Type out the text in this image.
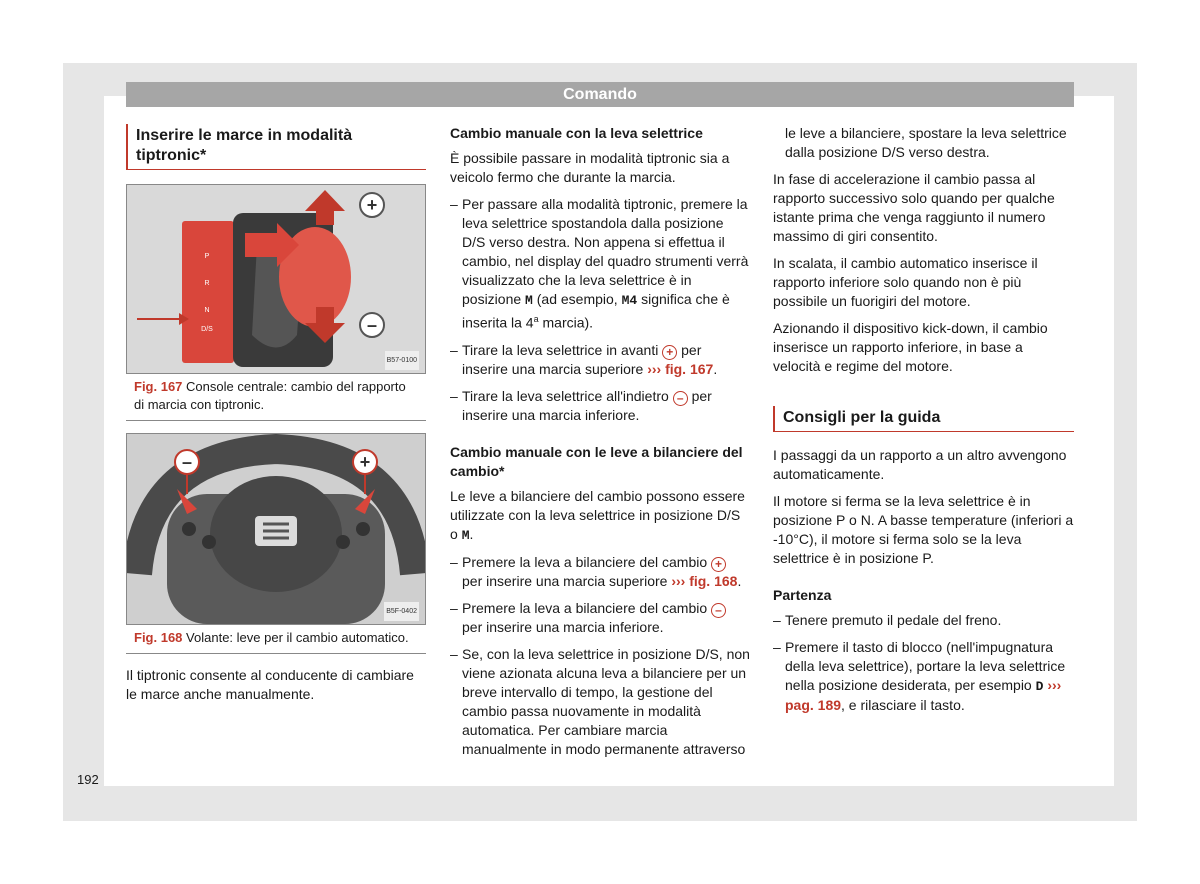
Comando
Inserire le marce in modalità tiptronic*
+
–
P
R
N
D/S
B57-0100
Fig. 167 Console centrale: cambio del rapporto di marcia con tiptronic.
–	+
B5F-0402
Fig. 168 Volante: leve per il cambio automatico.

Il tiptronic consente al conducente di cambiare le marce anche manualmente.

Cambio manuale con la leva selettrice

È possibile passare in modalità tiptronic sia a veicolo fermo che durante la marcia.

– Per passare alla modalità tiptronic, premere la leva selettrice spostandola dalla posizione D/S verso destra. Non appena si effettua il cambio, nel display del quadro strumenti verrà visualizzato che la leva selettrice è in posizione M (ad esempio, M4 significa che è inserita la 4$^a$ marcia).
– Tirare la leva selettrice in avanti + per inserire una marcia superiore ››› fig. 167.
– Tirare la leva selettrice all'indietro – per inserire una marcia inferiore.
Cambio manuale con le leve a bilanciere del cambio*

Le leve a bilanciere del cambio possono essere utilizzate con la leva selettrice in posizione D/S o M.

– Premere la leva a bilanciere del cambio + per inserire una marcia superiore ››› fig. 168.
– Premere la leva a bilanciere del cambio – per inserire una marcia inferiore.
– Se, con la leva selettrice in posizione D/S, non viene azionata alcuna leva a bilanciere per un breve intervallo di tempo, la gestione del cambio passa nuovamente in modalità automatica. Per cambiare marcia manualmente in modo permanente attraverso

le leve a bilanciere, spostare la leva selettrice dalla posizione D/S verso destra.

In fase di accelerazione il cambio passa al rapporto successivo solo quando per qualche istante prima che venga raggiunto il numero massimo di giri consentito.

In scalata, il cambio automatico inserisce il rapporto inferiore solo quando non è più possibile un fuorigiri del motore.

Azionando il dispositivo kick-down, il cambio inserisce un rapporto inferiore, in base a velocità e regime del motore.

Consigli per la guida

I passaggi da un rapporto a un altro avvengono automaticamente.

Il motore si ferma se la leva selettrice è in posizione P o N. A basse temperature (inferiori a -10°C), il motore si ferma solo se la leva selettrice è in posizione P.

Partenza
– Tenere premuto il pedale del freno.
– Premere il tasto di blocco (nell'impugnatura della leva selettrice), portare la leva selettrice nella posizione desiderata, per esempio D ››› pag. 189, e rilasciare il tasto.
192
